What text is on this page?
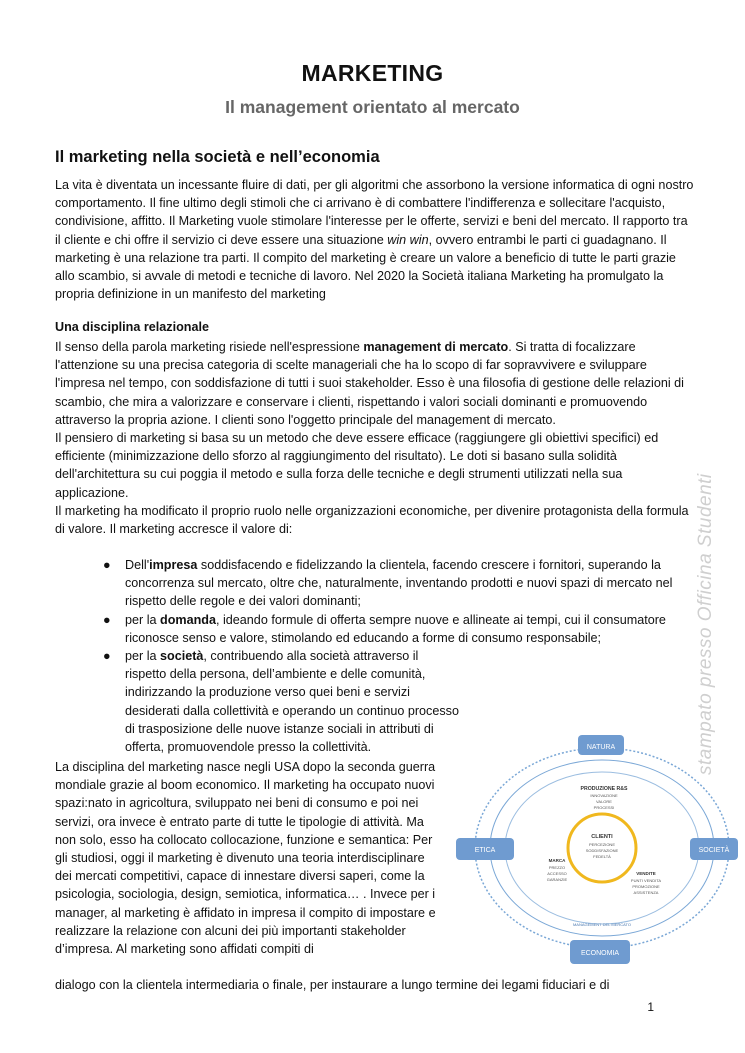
MARKETING
Il management orientato al mercato
Il marketing nella società e nell’economia
La vita è diventata un incessante fluire di dati, per gli algoritmi che assorbono la versione informatica di ogni nostro comportamento. Il fine ultimo degli stimoli che ci arrivano è di combattere l'indifferenza e sollecitare l'acquisto, condivisione, affitto. Il Marketing vuole stimolare l'interesse per le offerte, servizi e beni del mercato. Il rapporto tra il cliente e chi offre il servizio ci deve essere una situazione win win, ovvero entrambi le parti ci guadagnano. Il marketing è una relazione tra parti. Il compito del marketing è creare un valore a beneficio di tutte le parti grazie allo scambio, si avvale di metodi e tecniche di lavoro. Nel 2020 la Società italiana Marketing ha promulgato la propria definizione in un manifesto del marketing
Una disciplina relazionale
Il senso della parola marketing risiede nell'espressione management di mercato. Si tratta di focalizzare l'attenzione su una precisa categoria di scelte manageriali che ha lo scopo di far sopravvivere e sviluppare l'impresa nel tempo, con soddisfazione di tutti i suoi stakeholder. Esso è una filosofia di gestione delle relazioni di scambio, che mira a valorizzare e conservare i clienti, rispettando i valori sociali dominanti e promuovendo attraverso la propria azione. I clienti sono l'oggetto principale del management di mercato.
Il pensiero di marketing si basa su un metodo che deve essere efficace (raggiungere gli obiettivi specifici) ed efficiente (minimizzazione dello sforzo al raggiungimento del risultato). Le doti si basano sulla solidità dell'architettura su cui poggia il metodo e sulla forza delle tecniche e degli strumenti utilizzati nella sua applicazione.
Il marketing ha modificato il proprio ruolo nelle organizzazioni economiche, per divenire protagonista della formula di valore. Il marketing accresce il valore di:
● Dell'impresa soddisfacendo e fidelizzando la clientela, facendo crescere i fornitori, superando la concorrenza sul mercato, oltre che, naturalmente, inventando prodotti e nuovi spazi di mercato nel rispetto delle regole e dei valori dominanti;
● per la domanda, ideando formule di offerta sempre nuove e allineate ai tempi, cui il consumatore riconosce senso e valore, stimolando ed educando a forme di consumo responsabile;
● per la società, contribuendo alla società attraverso il rispetto della persona, dell’ambiente e delle comunità, indirizzando la produzione verso quei beni e servizi desiderati dalla collettività e operando un continuo processo di trasposizione delle nuove istanze sociali in attributi di offerta, promuovendole presso la collettività.
La disciplina del marketing nasce negli USA dopo la seconda guerra mondiale grazie al boom economico. Il marketing ha occupato nuovi spazi:nato in agricoltura, sviluppato nei beni di consumo e poi nei servizi, ora invece è entrato parte di tutte le tipologie di attività. Ma non solo, esso ha collocato collocazione, funzione e semantica: Per gli studiosi, oggi il marketing è divenuto una teoria interdisciplinare dei mercati competitivi, capace di innestare diversi saperi, come la psicologia, sociologia, design, semiotica, informatica… . Invece per i manager, al marketing è affidato in impresa il compito di impostare e realizzare la relazione con alcuni dei più importanti stakeholder d’impresa. Al marketing sono affidati compiti di
dialogo con la clientela intermediaria o finale, per instaurare a lungo termine dei legami fiduciari e di
NATURA
ETICA	SOCIETÀ
ECONOMIA
PRODUZIONE R&S
INNOVAZIONE
VALORE
PROCESSI
CLIENTI
PERCEZIONE
SODDISFAZIONE
FEDELTÀ
MARCA
PREZZO
ACCESSO
GARANZIE
VENDITE
PUNTI VENDITA
PROMOZIONE
ASSISTENZA
MANAGEMENT DEL MERCATO
stampato presso Officina Studenti
1
